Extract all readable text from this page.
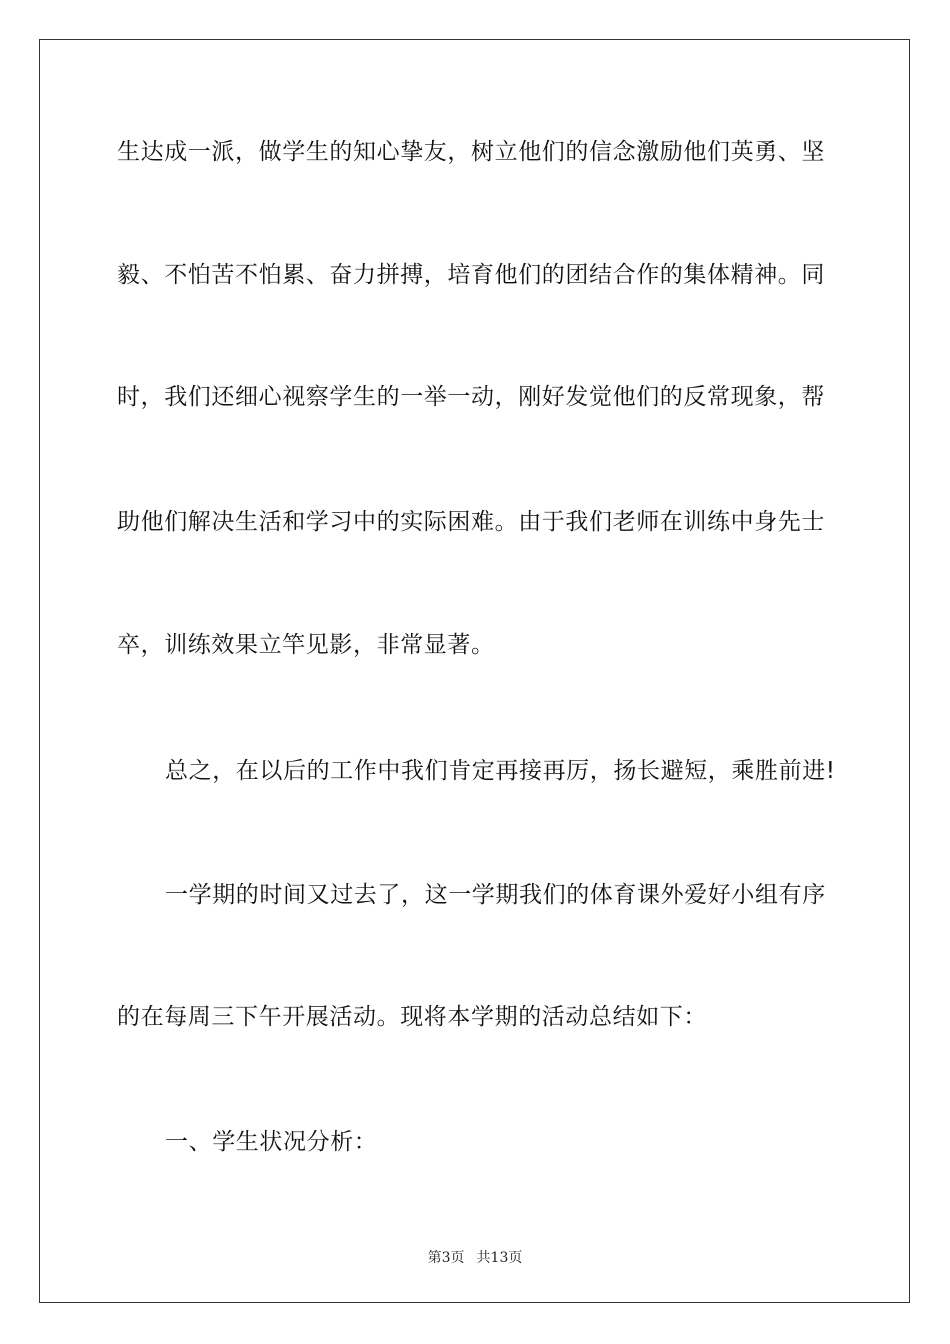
生达成一派，做学生的知心挚友，树立他们的信念激励他们英勇、坚
毅、不怕苦不怕累、奋力拼搏，培育他们的团结合作的集体精神。同
时，我们还细心视察学生的一举一动，刚好发觉他们的反常现象，帮
助他们解决生活和学习中的实际困难。由于我们老师在训练中身先士
卒，训练效果立竿见影，非常显著。
总之，在以后的工作中我们肯定再接再厉，扬长避短，乘胜前进!
一学期的时间又过去了，这一学期我们的体育课外爱好小组有序
的在每周三下午开展活动。现将本学期的活动总结如下：
一、学生状况分析：
第3页 共13页
